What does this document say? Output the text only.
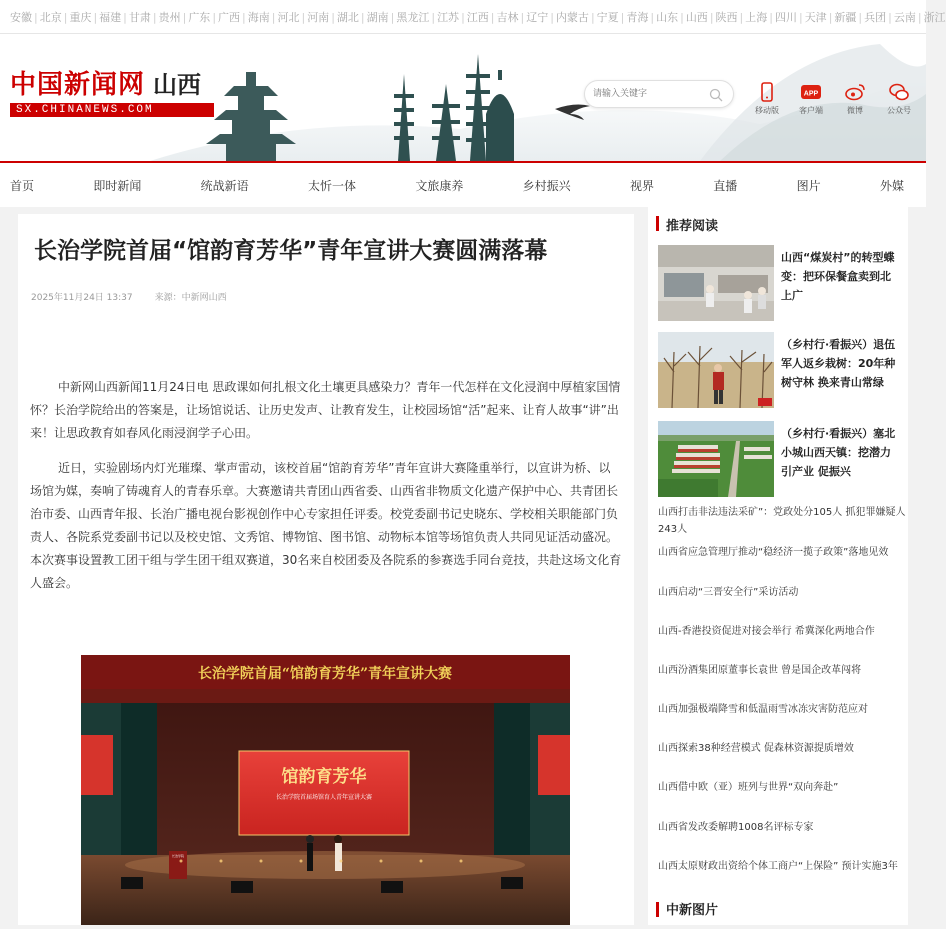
安徽 | 北京 | 重庆 | 福建 | 甘肃 | 贵州 | 广东 | 广西 | 海南 | 河北 | 河南 | 湖北 | 湖南 | 黑龙江 | 江苏 | 江西 | 吉林 | 辽宁 | 内蒙古 | 宁夏 | 青海 | 山东 | 山西 | 陕西 | 上海 | 四川 | 天津 | 新疆 | 兵团 | 云南 | 浙江
中国新闻网 山西
SX.CHINANEWS.COM
请输入关键字	移动版
APP
客户端	微博	公众号
首页	即时新闻	统战新语	太忻一体	文旅康养	乡村振兴	视界	直播	图片	外媒
长治学院首届“馆韵育芳华”青年宣讲大赛圆满落幕
2025年11月24日 13:37 来源：中新网山西

中新网山西新闻11月24日电 思政课如何扎根文化土壤更具感染力？青年一代怎样在文化浸润中厚植家国情怀？长治学院给出的答案是，让场馆说话、让历史发声、让教育发生，让校园场馆“活”起来、让育人故事“讲”出来！让思政教育如春风化雨浸润学子心田。

近日，实验剧场内灯光璀璨、掌声雷动，该校首届“馆韵育芳华”青年宣讲大赛隆重举行，以宣讲为桥、以场馆为媒，奏响了铸魂育人的青春乐章。大赛邀请共青团山西省委、山西省非物质文化遗产保护中心、共青团长治市委、山西青年报、长治广播电视台影视创作中心专家担任评委。校党委副书记史晓东、学校相关职能部门负责人、各院系党委副书记以及校史馆、文秀馆、博物馆、图书馆、动物标本馆等场馆负责人共同见证活动盛况。本次赛事设置教工团干组与学生团干组双赛道，30名来自校团委及各院系的参赛选手同台竞技，共赴这场文化育人盛会。

长治学院首届“馆韵育芳华”青年宣讲大赛
馆韵育芳华
长治学院首届场馆育人青年宣讲大赛
长治学院
推荐阅读
山西“煤炭村”的转型蝶变：把环保餐盒卖到北上广
（乡村行·看振兴）退伍军人返乡栽树：20年种树守林 换来青山常绿
（乡村行·看振兴）塞北小城山西天镇：挖潜力 引产业 促振兴
山西打击非法违法采矿”：党政处分105人 抓犯罪嫌疑人243人
山西省应急管理厅推动“稳经济一揽子政策”落地见效
山西启动“三晋安全行”采访活动
山西-香港投资促进对接会举行 希冀深化两地合作
山西汾酒集团原董事长袁世 曾是国企改革闯将
山西加强极端降雪和低温雨雪冰冻灾害防范应对
山西探索38种经营模式 促森林资源提质增效
山西借中欧（亚）班列与世界“双向奔赴”
山西省发改委解聘1008名评标专家
山西太原财政出资给个体工商户“上保险” 预计实施3年
中新图片
